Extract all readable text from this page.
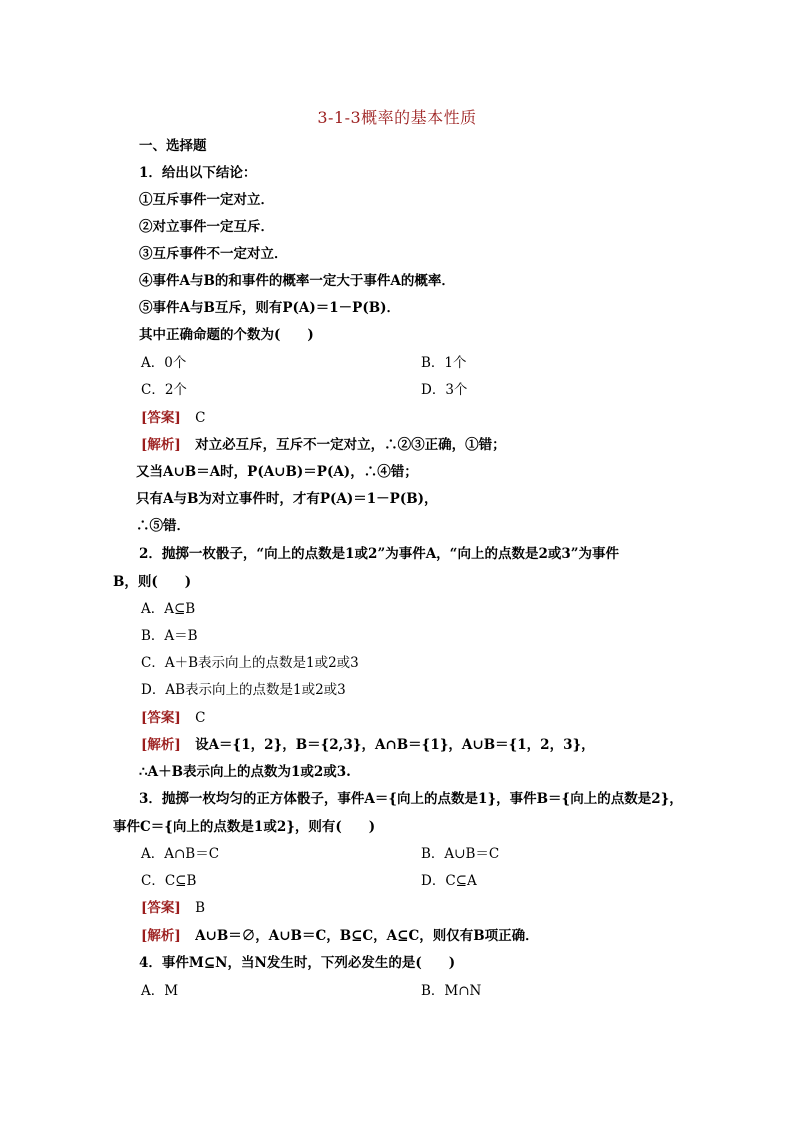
3-1-3概率的基本性质
一、选择题
1．给出以下结论：
①互斥事件一定对立．
②对立事件一定互斥．
③互斥事件不一定对立．
④事件A与B的和事件的概率一定大于事件A的概率．
⑤事件A与B互斥，则有P(A)＝1－P(B)．
其中正确命题的个数为(　　)
A．0个	B．1个
C．2个	D．3个
[答案] C
[解析] 对立必互斥，互斥不一定对立，∴②③正确，①错；
又当A∪B＝A时，P(A∪B)＝P(A)，∴④错；
只有A与B为对立事件时，才有P(A)＝1－P(B)，
∴⑤错．
2．抛掷一枚骰子，“向上的点数是1或2”为事件A，“向上的点数是2或3”为事件
B，则(　　)
A．A⊆B
B．A＝B
C．A＋B表示向上的点数是1或2或3
D．AB表示向上的点数是1或2或3
[答案] C
[解析] 设A＝{1，2}，B＝{2,3}，A∩B＝{1}，A∪B＝{1，2，3}，
∴A＋B表示向上的点数为1或2或3.
3．抛掷一枚均匀的正方体骰子，事件A＝{向上的点数是1}，事件B＝{向上的点数是2}，
事件C＝{向上的点数是1或2}，则有(　　)
A．A∩B＝C	B．A∪B＝C
C．C⊆B	D．C⊆A
[答案] B
[解析] A∪B＝∅，A∪B＝C，B⊆C，A⊆C，则仅有B项正确．
4．事件M⊆N，当N发生时，下列必发生的是(　　)
A．M	B．M∩N
